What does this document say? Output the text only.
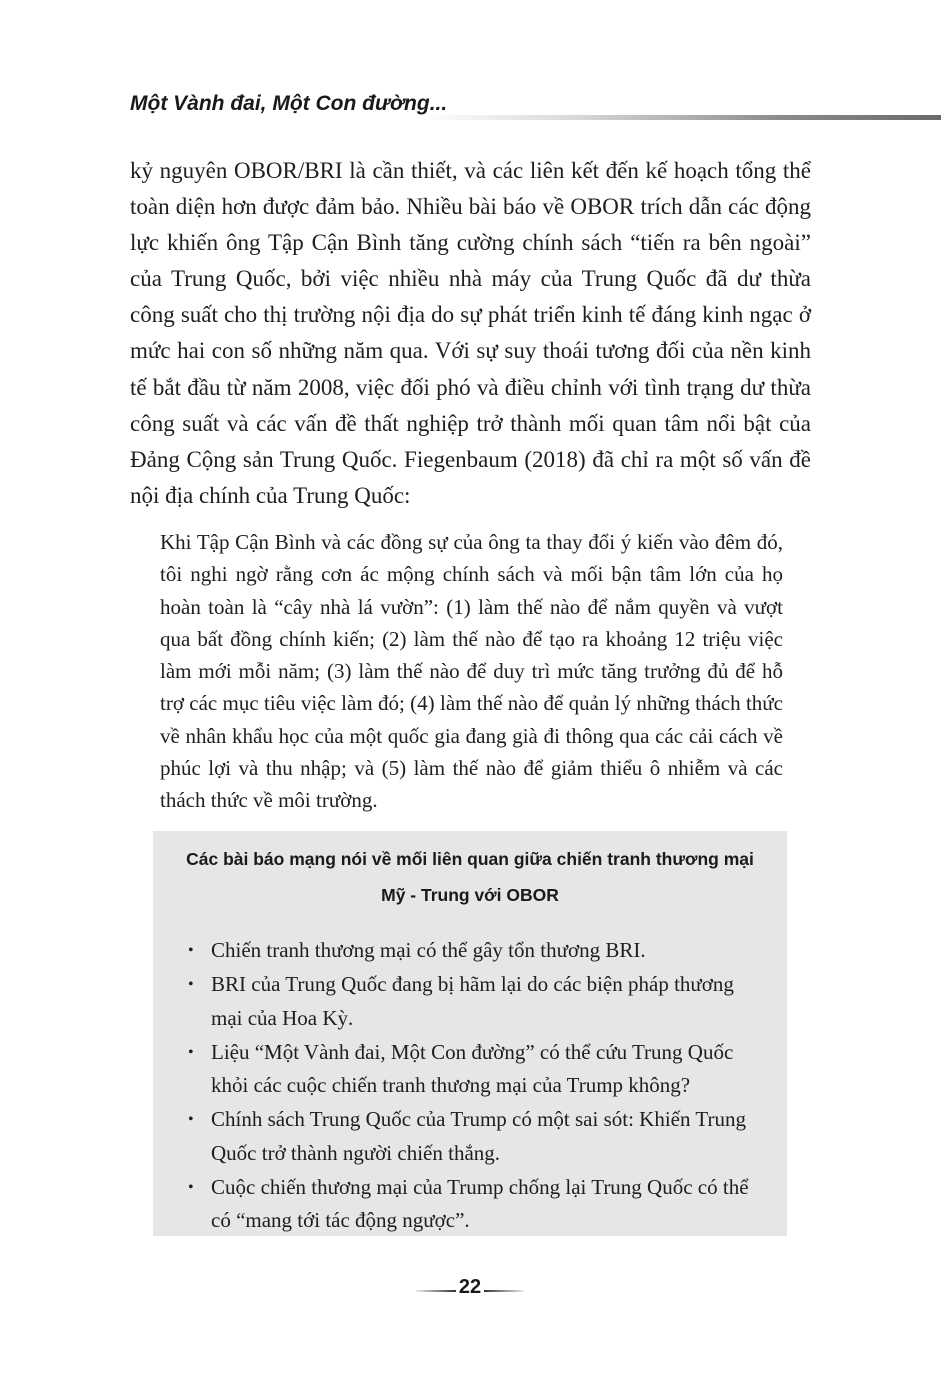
Một Vành đai, Một Con đường...

kỷ nguyên OBOR/BRI là cần thiết, và các liên kết đến kế hoạch tổng thể toàn diện hơn được đảm bảo. Nhiều bài báo về OBOR trích dẫn các động lực khiến ông Tập Cận Bình tăng cường chính sách “tiến ra bên ngoài” của Trung Quốc, bởi việc nhiều nhà máy của Trung Quốc đã dư thừa công suất cho thị trường nội địa do sự phát triển kinh tế đáng kinh ngạc ở mức hai con số những năm qua. Với sự suy thoái tương đối của nền kinh tế bắt đầu từ năm 2008, việc đối phó và điều chỉnh với tình trạng dư thừa công suất và các vấn đề thất nghiệp trở thành mối quan tâm nổi bật của Đảng Cộng sản Trung Quốc. Fiegenbaum (2018) đã chỉ ra một số vấn đề nội địa chính của Trung Quốc:

Khi Tập Cận Bình và các đồng sự của ông ta thay đổi ý kiến vào đêm đó, tôi nghi ngờ rằng cơn ác mộng chính sách và mối bận tâm lớn của họ hoàn toàn là “cây nhà lá vườn”: (1) làm thế nào để nắm quyền và vượt qua bất đồng chính kiến; (2) làm thế nào để tạo ra khoảng 12 triệu việc làm mới mỗi năm; (3) làm thế nào để duy trì mức tăng trưởng đủ để hỗ trợ các mục tiêu việc làm đó; (4) làm thế nào để quản lý những thách thức về nhân khẩu học của một quốc gia đang già đi thông qua các cải cách về phúc lợi và thu nhập; và (5) làm thế nào để giảm thiểu ô nhiễm và các thách thức về môi trường.

Các bài báo mạng nói về mối liên quan giữa chiến tranh thương mại
Mỹ - Trung với OBOR

• Chiến tranh thương mại có thể gây tổn thương BRI.
• BRI của Trung Quốc đang bị hãm lại do các biện pháp thương mại của Hoa Kỳ.
• Liệu “Một Vành đai, Một Con đường” có thể cứu Trung Quốc khỏi các cuộc chiến tranh thương mại của Trump không?
• Chính sách Trung Quốc của Trump có một sai sót: Khiến Trung Quốc trở thành người chiến thắng.
• Cuộc chiến thương mại của Trump chống lại Trung Quốc có thể có “mang tới tác động ngược”.
22
